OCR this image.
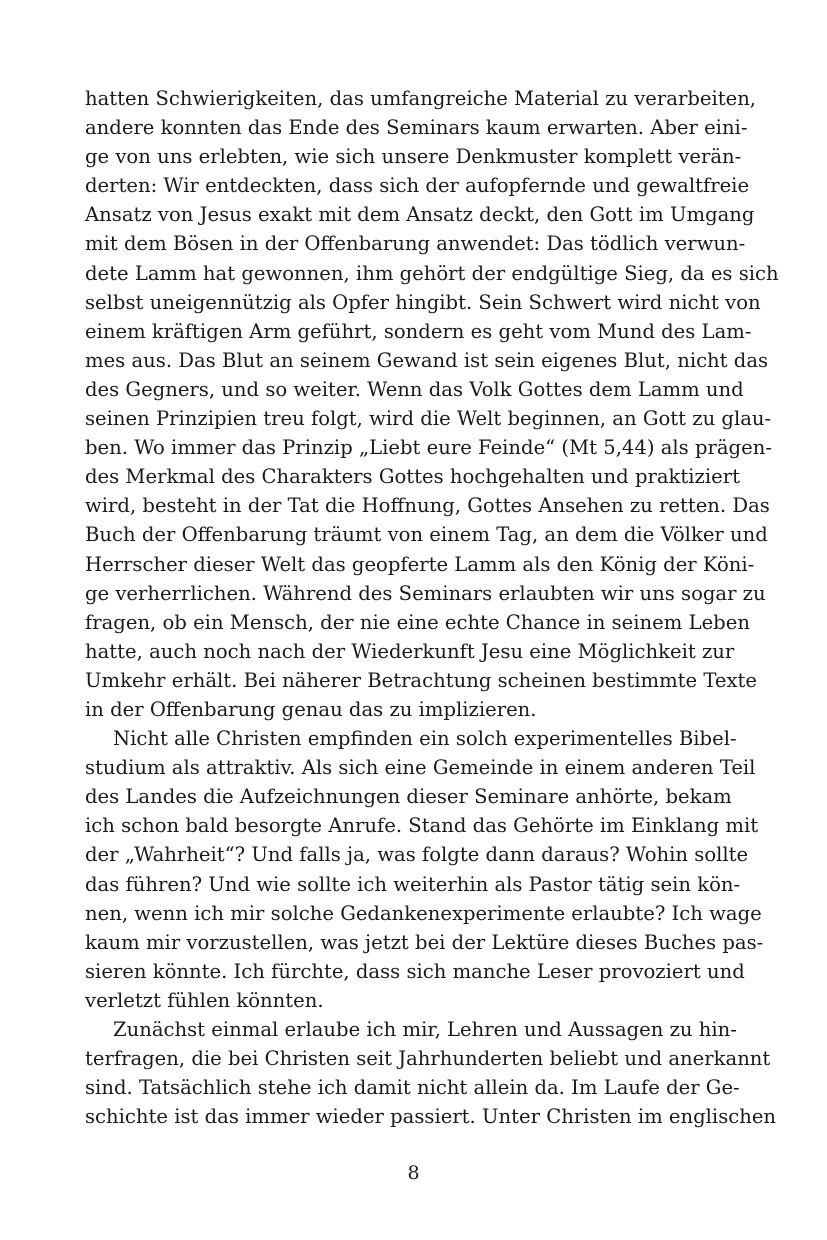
hatten Schwierigkeiten, das umfangreiche Material zu verarbeiten,
andere konnten das Ende des Seminars kaum erwarten. Aber eini-
ge von uns erlebten, wie sich unsere Denkmuster komplett verän-
derten: Wir entdeckten, dass sich der aufopfernde und gewaltfreie
Ansatz von Jesus exakt mit dem Ansatz deckt, den Gott im Umgang
mit dem Bösen in der Offenbarung anwendet: Das tödlich verwun-
dete Lamm hat gewonnen, ihm gehört der endgültige Sieg, da es sich
selbst uneigennützig als Opfer hingibt. Sein Schwert wird nicht von
einem kräftigen Arm geführt, sondern es geht vom Mund des Lam-
mes aus. Das Blut an seinem Gewand ist sein eigenes Blut, nicht das
des Gegners, und so weiter. Wenn das Volk Gottes dem Lamm und
seinen Prinzipien treu folgt, wird die Welt beginnen, an Gott zu glau-
ben. Wo immer das Prinzip „Liebt eure Feinde“ (Mt 5,44) als prägen-
des Merkmal des Charakters Gottes hochgehalten und praktiziert
wird, besteht in der Tat die Hoffnung, Gottes Ansehen zu retten. Das
Buch der Offenbarung träumt von einem Tag, an dem die Völker und
Herrscher dieser Welt das geopferte Lamm als den König der Köni-
ge verherrlichen. Während des Seminars erlaubten wir uns sogar zu
fragen, ob ein Mensch, der nie eine echte Chance in seinem Leben
hatte, auch noch nach der Wiederkunft Jesu eine Möglichkeit zur
Umkehr erhält. Bei näherer Betrachtung scheinen bestimmte Texte
in der Offenbarung genau das zu implizieren.
Nicht alle Christen empfinden ein solch experimentelles Bibel-
studium als attraktiv. Als sich eine Gemeinde in einem anderen Teil
des Landes die Aufzeichnungen dieser Seminare anhörte, bekam
ich schon bald besorgte Anrufe. Stand das Gehörte im Einklang mit
der „Wahrheit“? Und falls ja, was folgte dann daraus? Wohin sollte
das führen? Und wie sollte ich weiterhin als Pastor tätig sein kön-
nen, wenn ich mir solche Gedankenexperimente erlaubte? Ich wage
kaum mir vorzustellen, was jetzt bei der Lektüre dieses Buches pas-
sieren könnte. Ich fürchte, dass sich manche Leser provoziert und
verletzt fühlen könnten.
Zunächst einmal erlaube ich mir, Lehren und Aussagen zu hin-
terfragen, die bei Christen seit Jahrhunderten beliebt und anerkannt
sind. Tatsächlich stehe ich damit nicht allein da. Im Laufe der Ge-
schichte ist das immer wieder passiert. Unter Christen im englischen
8
